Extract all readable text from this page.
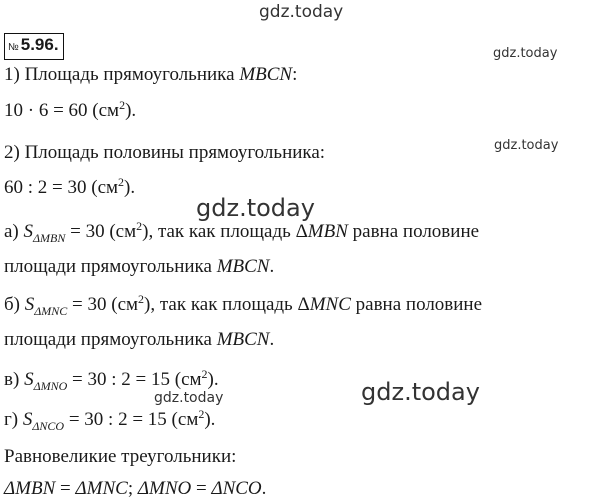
gdz.today
gdz.today
gdz.today
gdz.today
gdz.today
gdz.today
№ 5.96.
1) Площадь прямоугольника MBCN:
10 · 6 = 60 $(см^2)$.
2) Площадь половины прямоугольника:
60 : 2 = 30 $(см^2)$.
а) $S_{\Delta MBN} = 30$ $(см^2)$, так как площадь ΔMBN равна половине
площади прямоугольника MBCN.
б) $S_{\Delta MNC} = 30$ $(см^2)$, так как площадь ΔMNC равна половине
площади прямоугольника MBCN.
в) $S_{\Delta MNO} = 30$ : 2 = 15 $(см^2)$.
г) $S_{\Delta NCO} = 30$ : 2 = 15 $(см^2)$.
Равновеликие треугольники:
ΔMBN = ΔMNC; ΔMNO = ΔNCO.
